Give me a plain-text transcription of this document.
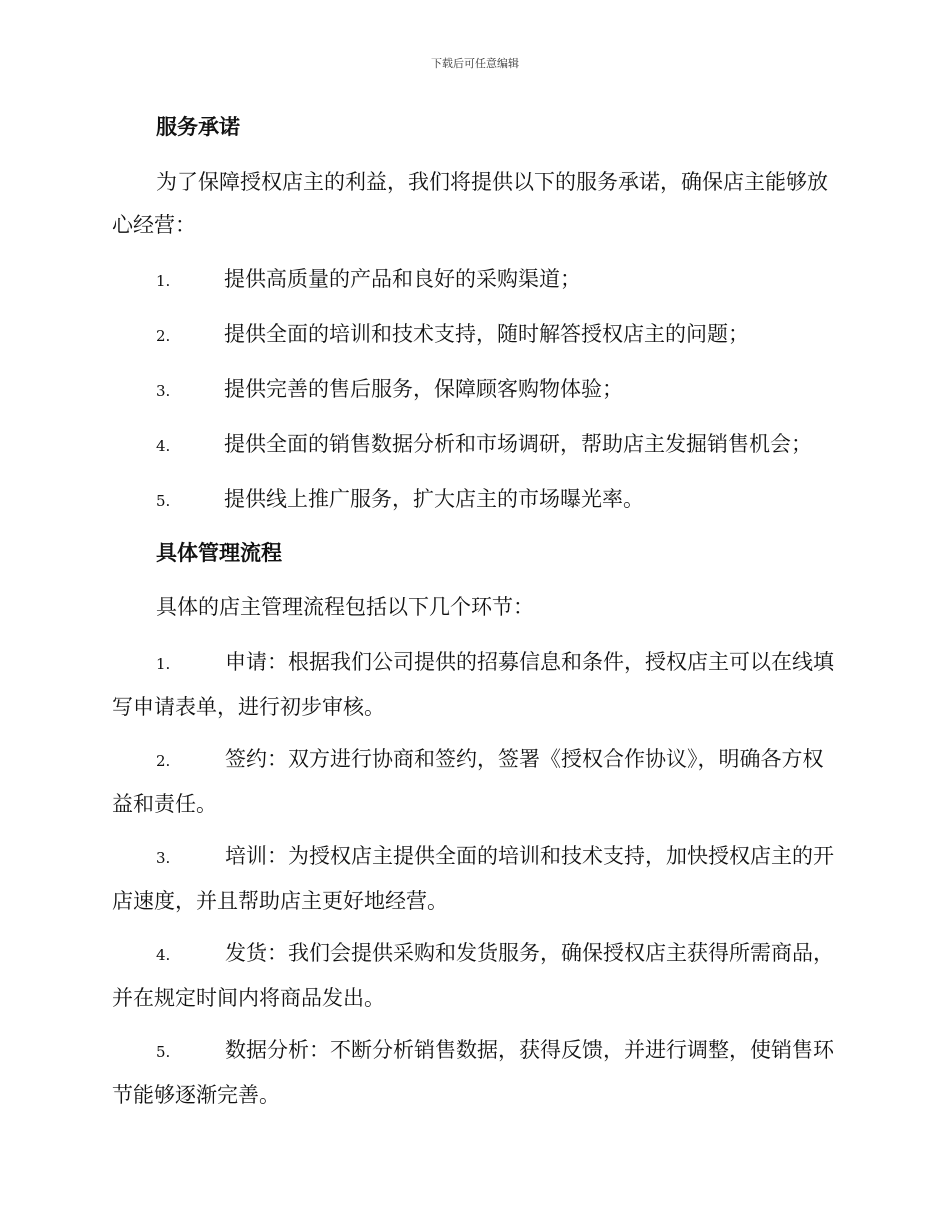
下载后可任意编辑
服务承诺
为了保障授权店主的利益，我们将提供以下的服务承诺，确保店主能够放心经营：
1.	提供高质量的产品和良好的采购渠道；
2.	提供全面的培训和技术支持，随时解答授权店主的问题；
3.	提供完善的售后服务，保障顾客购物体验；
4.	提供全面的销售数据分析和市场调研，帮助店主发掘销售机会；
5.	提供线上推广服务，扩大店主的市场曝光率。
具体管理流程
具体的店主管理流程包括以下几个环节：
1.	申请：根据我们公司提供的招募信息和条件，授权店主可以在线填写申请表单，进行初步审核。
2.	签约：双方进行协商和签约，签署《授权合作协议》，明确各方权益和责任。
3.	培训：为授权店主提供全面的培训和技术支持，加快授权店主的开店速度，并且帮助店主更好地经营。
4.	发货：我们会提供采购和发货服务，确保授权店主获得所需商品，并在规定时间内将商品发出。
5.	数据分析：不断分析销售数据，获得反馈，并进行调整，使销售环节能够逐渐完善。
